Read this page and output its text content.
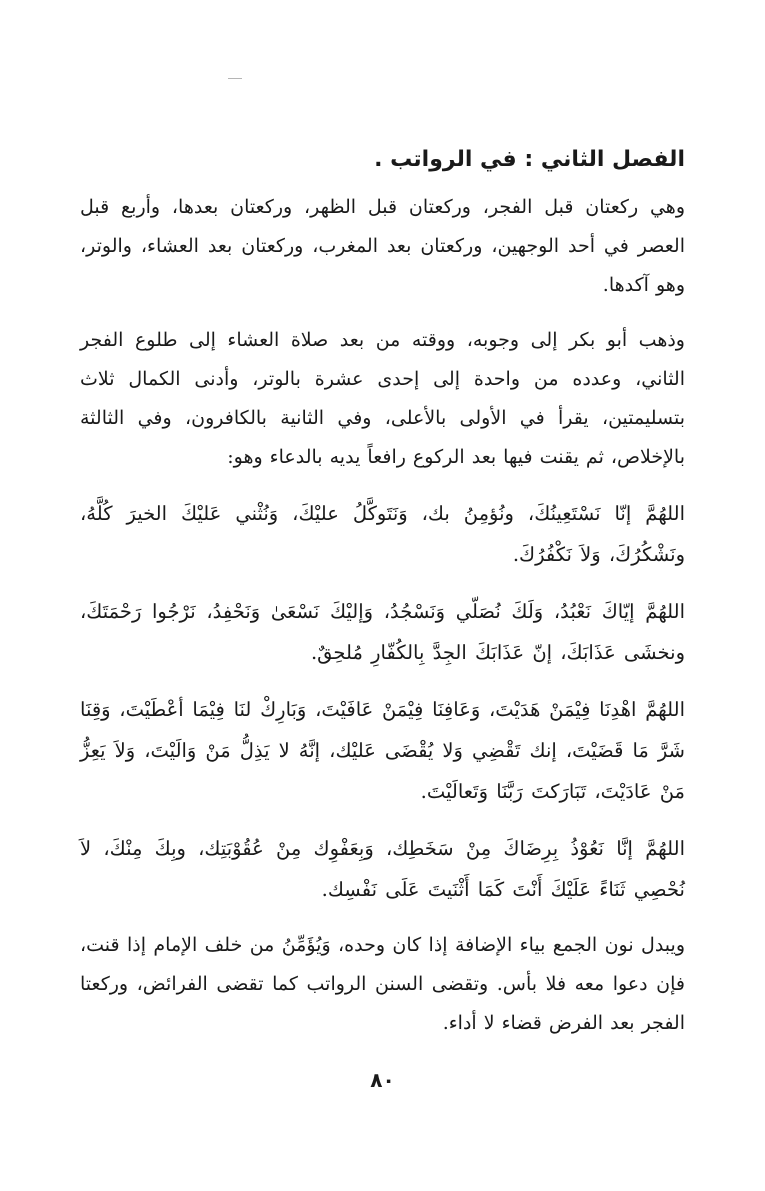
الفصل الثاني : في الرواتب .

وهي ركعتان قبل الفجر، وركعتان قبل الظهر، وركعتان بعدها، وأربع قبل العصر في أحد الوجهين، وركعتان بعد المغرب، وركعتان بعد العشاء، والوتر، وهو آكدها.

وذهب أبو بكر إلى وجوبه، ووقته من بعد صلاة العشاء إلى طلوع الفجر الثاني، وعدده من واحدة إلى إحدى عشرة بالوتر، وأدنى الكمال ثلاث بتسليمتين، يقرأ في الأولى بالأعلى، وفي الثانية بالكافرون، وفي الثالثة بالإخلاص، ثم يقنت فيها بعد الركوع رافعاً يديه بالدعاء وهو:

اللهُمَّ إنّا نَسْتَعِينُكَ، ونُؤمِنُ بك، وَنَتَوكَّلُ عليْكَ، وَنُثْني عَليْكَ الخيرَ كُلَّهُ، ونَشْكُرُكَ، وَلاَ نَكْفُرُكَ.

اللهُمَّ إيّاكَ نَعْبُدُ، وَلَكَ نُصَلّي وَنَسْجُدُ، وَإليْكَ نَسْعَىٰ وَنَحْفِدُ، نَرْجُوا رَحْمَتَكَ، ونخشَى عَذَابَكَ، إنّ عَذَابَكَ الجِدَّ بِالكُفّارِ مُلحِقٌ.

اللهُمَّ اهْدِنَا فِيْمَنْ هَدَيْتَ، وَعَافِنَا فِيْمَنْ عَافَيْتَ، وَبَارِكْ لنَا فِيْمَا أعْطَيْتَ، وَقِنَا شَرَّ مَا قَضَيْتَ، إنك تَقْضِي وَلا يُقْضَى عَليْك، إنَّهُ لا يَذِلُّ مَنْ وَالَيْتَ، وَلاَ يَعِزُّ مَنْ عَادَيْتَ، تَبَارَكتَ رَبَّنَا وَتَعالَيْتَ.

اللهُمَّ إنَّا نَعُوْذُ بِرِضَاكَ مِنْ سَخَطِك، وَبِعَفْوِك مِنْ عُقُوْبَتِك، وبِكَ مِنْكَ، لاَ نُحْصِي ثَنَاءً عَلَيْكَ أَنْتَ كَمَا أَثْنَيتَ عَلَى نَفْسِك.

ويبدل نون الجمع بياء الإضافة إذا كان وحده، وَيُؤَمِّنُ من خلف الإمام إذا قنت، فإن دعوا معه فلا بأس. وتقضى السنن الرواتب كما تقضى الفرائض، وركعتا الفجر بعد الفرض قضاء لا أداء.

٨٠
